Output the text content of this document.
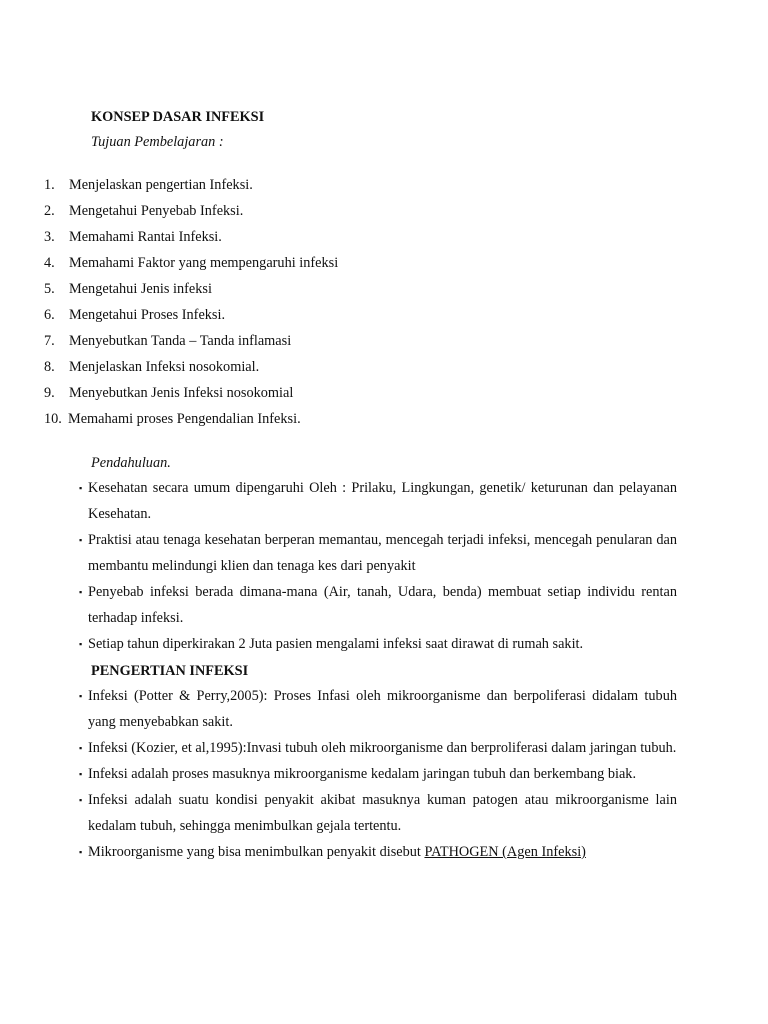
KONSEP DASAR INFEKSI
Tujuan Pembelajaran :
1. Menjelaskan pengertian Infeksi.
2. Mengetahui Penyebab Infeksi.
3. Memahami Rantai Infeksi.
4. Memahami Faktor yang mempengaruhi infeksi
5. Mengetahui Jenis infeksi
6. Mengetahui Proses Infeksi.
7. Menyebutkan Tanda – Tanda inflamasi
8. Menjelaskan Infeksi nosokomial.
9. Menyebutkan Jenis Infeksi nosokomial
10. Memahami proses Pengendalian Infeksi.
Pendahuluan.
▪ Kesehatan secara umum dipengaruhi Oleh : Prilaku, Lingkungan, genetik/ keturunan dan pelayanan Kesehatan.
▪ Praktisi atau tenaga kesehatan berperan memantau, mencegah terjadi infeksi, mencegah penularan dan membantu melindungi klien dan tenaga kes dari penyakit
▪ Penyebab infeksi berada dimana-mana (Air, tanah, Udara, benda) membuat setiap individu rentan terhadap infeksi.
▪ Setiap tahun diperkirakan 2 Juta pasien mengalami infeksi saat dirawat di rumah sakit.
PENGERTIAN INFEKSI
▪ Infeksi (Potter & Perry,2005): Proses Infasi oleh mikroorganisme dan berpoliferasi didalam tubuh yang menyebabkan sakit.
▪ Infeksi (Kozier, et al,1995):Invasi tubuh oleh mikroorganisme dan berproliferasi dalam jaringan tubuh.
▪ Infeksi adalah proses masuknya mikroorganisme kedalam jaringan tubuh dan berkembang biak.
▪ Infeksi adalah suatu kondisi penyakit akibat masuknya kuman patogen atau mikroorganisme lain kedalam tubuh, sehingga menimbulkan gejala tertentu.
▪ Mikroorganisme yang bisa menimbulkan penyakit disebut PATHOGEN (Agen Infeksi)
